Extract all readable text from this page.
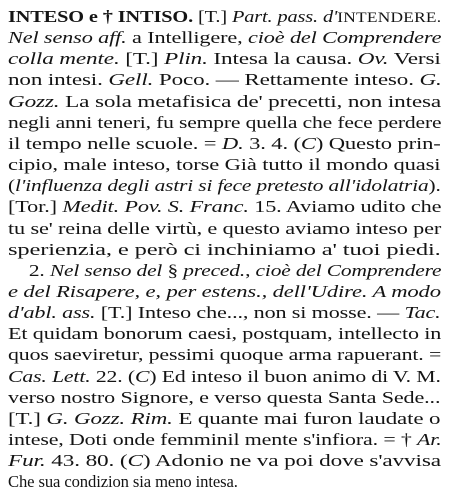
INTESO e † INTISO. [T.] Part. pass. d'INTENDERE.
Nel senso aff. a Intelligere, cioè del Comprendere
colla mente. [T.] Plin. Intesa la causa. Ov. Versi
non intesi. Gell. Poco. — Rettamente inteso. G.
Gozz. La sola metafisica de' precetti, non intesa
negli anni teneri, fu sempre quella che fece perdere
il tempo nelle scuole. = D. 3. 4. (C) Questo prin-
cipio, male inteso, torse Già tutto il mondo quasi
(l'influenza degli astri si fece pretesto all'idolatria).
[Tor.] Medit. Pov. S. Franc. 15. Aviamo udito che
tu se' reina delle virtù, e questo aviamo inteso per
sperienzia, e però ci inchiniamo a' tuoi piedi.
2. Nel senso del § preced., cioè del Comprendere
e del Risapere, e, per estens., dell'Udire. A modo
d'abl. ass. [T.] Inteso che..., non si mosse. — Tac.
Et quidam bonorum caesi, postquam, intellecto in
quos saeviretur, pessimi quoque arma rapuerant. =
Cas. Lett. 22. (C) Ed inteso il buon animo di V. M.
verso nostro Signore, e verso questa Santa Sede...
[T.] G. Gozz. Rim. E quante mai furon laudate o
intese, Doti onde femminil mente s'infiora. = † Ar.
Fur. 43. 80. (C) Adonio ne va poi dove s'avvisa
Che sua condizion sia meno intesa.
